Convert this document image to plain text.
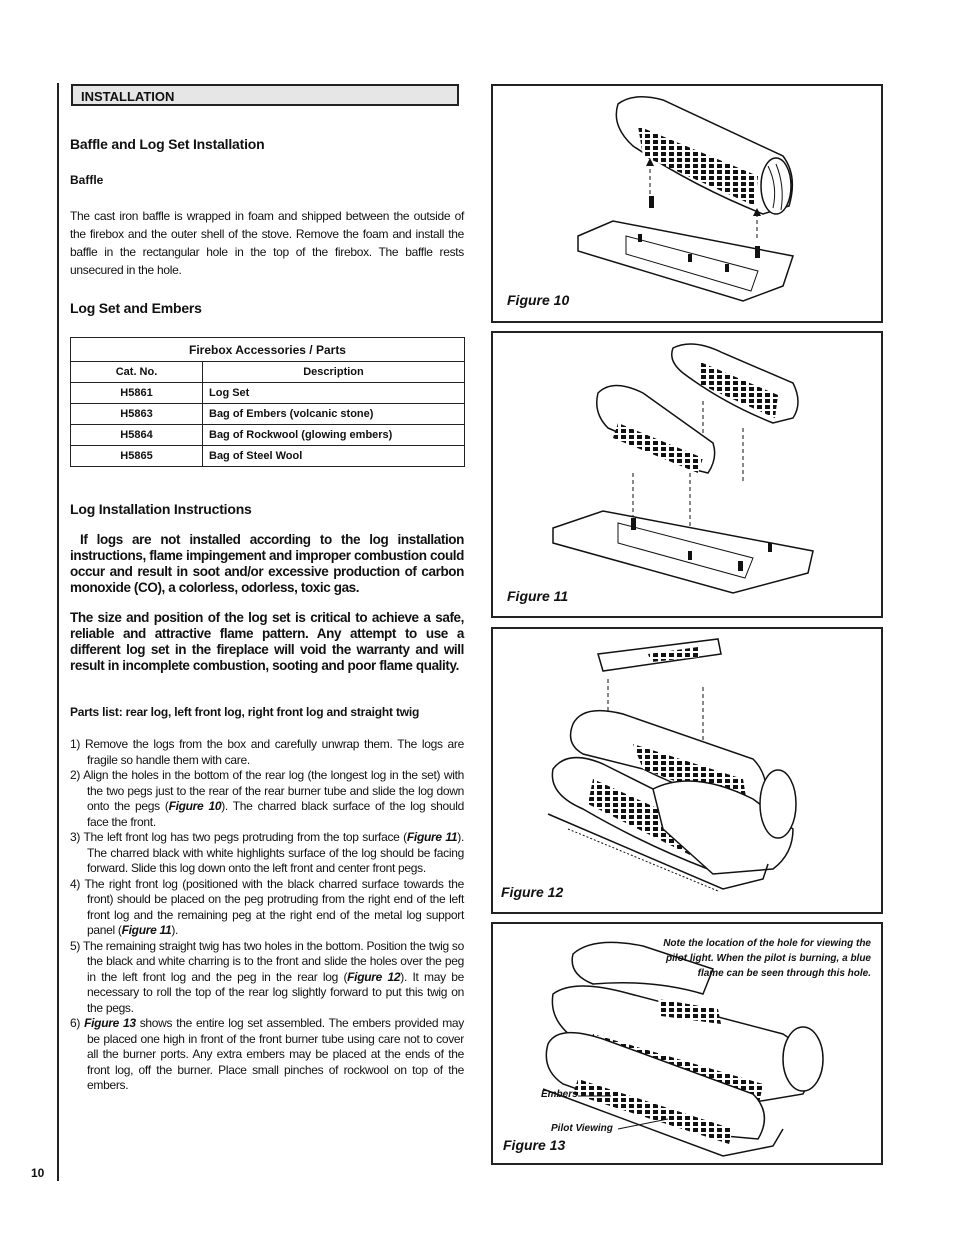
10
INSTALLATION
Baffle and Log Set Installation
Baffle
The cast iron baffle is wrapped in foam and shipped between the outside of the firebox and the outer shell of the stove. Remove the foam and install the baffle in the rectangular hole in the top of the firebox. The baffle rests unsecured in the hole.
Log Set and Embers
Firebox Accessories / Parts	
Cat. No.	Description
H5861	Log Set
H5863	Bag of Embers (volcanic stone)
H5864	Bag of Rockwool (glowing embers)
H5865	Bag of Steel Wool
Log Installation Instructions
If logs are not installed according to the log installation instructions, flame impingement and improper combustion could occur and result in soot and/or excessive production of carbon monoxide (CO), a colorless, odorless, toxic gas.
The size and position of the log set is critical to achieve a safe, reliable and attractive flame pattern. Any attempt to use a different log set in the fireplace will void the warranty and will result in incomplete combustion, sooting and poor flame quality.
Parts list: rear log, left front log, right front log and straight twig
1) Remove the logs from the box and carefully unwrap them. The logs are fragile so handle them with care.
2) Align the holes in the bottom of the rear log (the longest log in the set) with the two pegs just to the rear of the rear burner tube and slide the log down onto the pegs (Figure 10). The charred black surface of the log should face the front.
3) The left front log has two pegs protruding from the top surface (Figure 11). The charred black with white highlights surface of the log should be facing forward. Slide this log down onto the left front and center front pegs.
4) The right front log (positioned with the black charred surface towards the front) should be placed on the peg protruding from the right end of the left front log and the remaining peg at the right end of the metal log support panel (Figure 11).
5) The remaining straight twig has two holes in the bottom. Position the twig so the black and white charring is to the front and slide the holes over the peg in the left front log and the peg in the rear log (Figure 12). It may be necessary to roll the top of the rear log slightly forward to put this twig on the pegs.
6) Figure 13 shows the entire log set assembled. The embers provided may be placed one high in front of the front burner tube using care not to cover all the burner ports. Any extra embers may be placed at the ends of the front log, off the burner. Place small pinches of rockwool on top of the embers.
Figure 10
Figure 11
Figure 12
Note the location of the hole for viewing the pilot light. When the pilot is burning, a blue flame can be seen through this hole.
Embers
Pilot Viewing
Figure 13
